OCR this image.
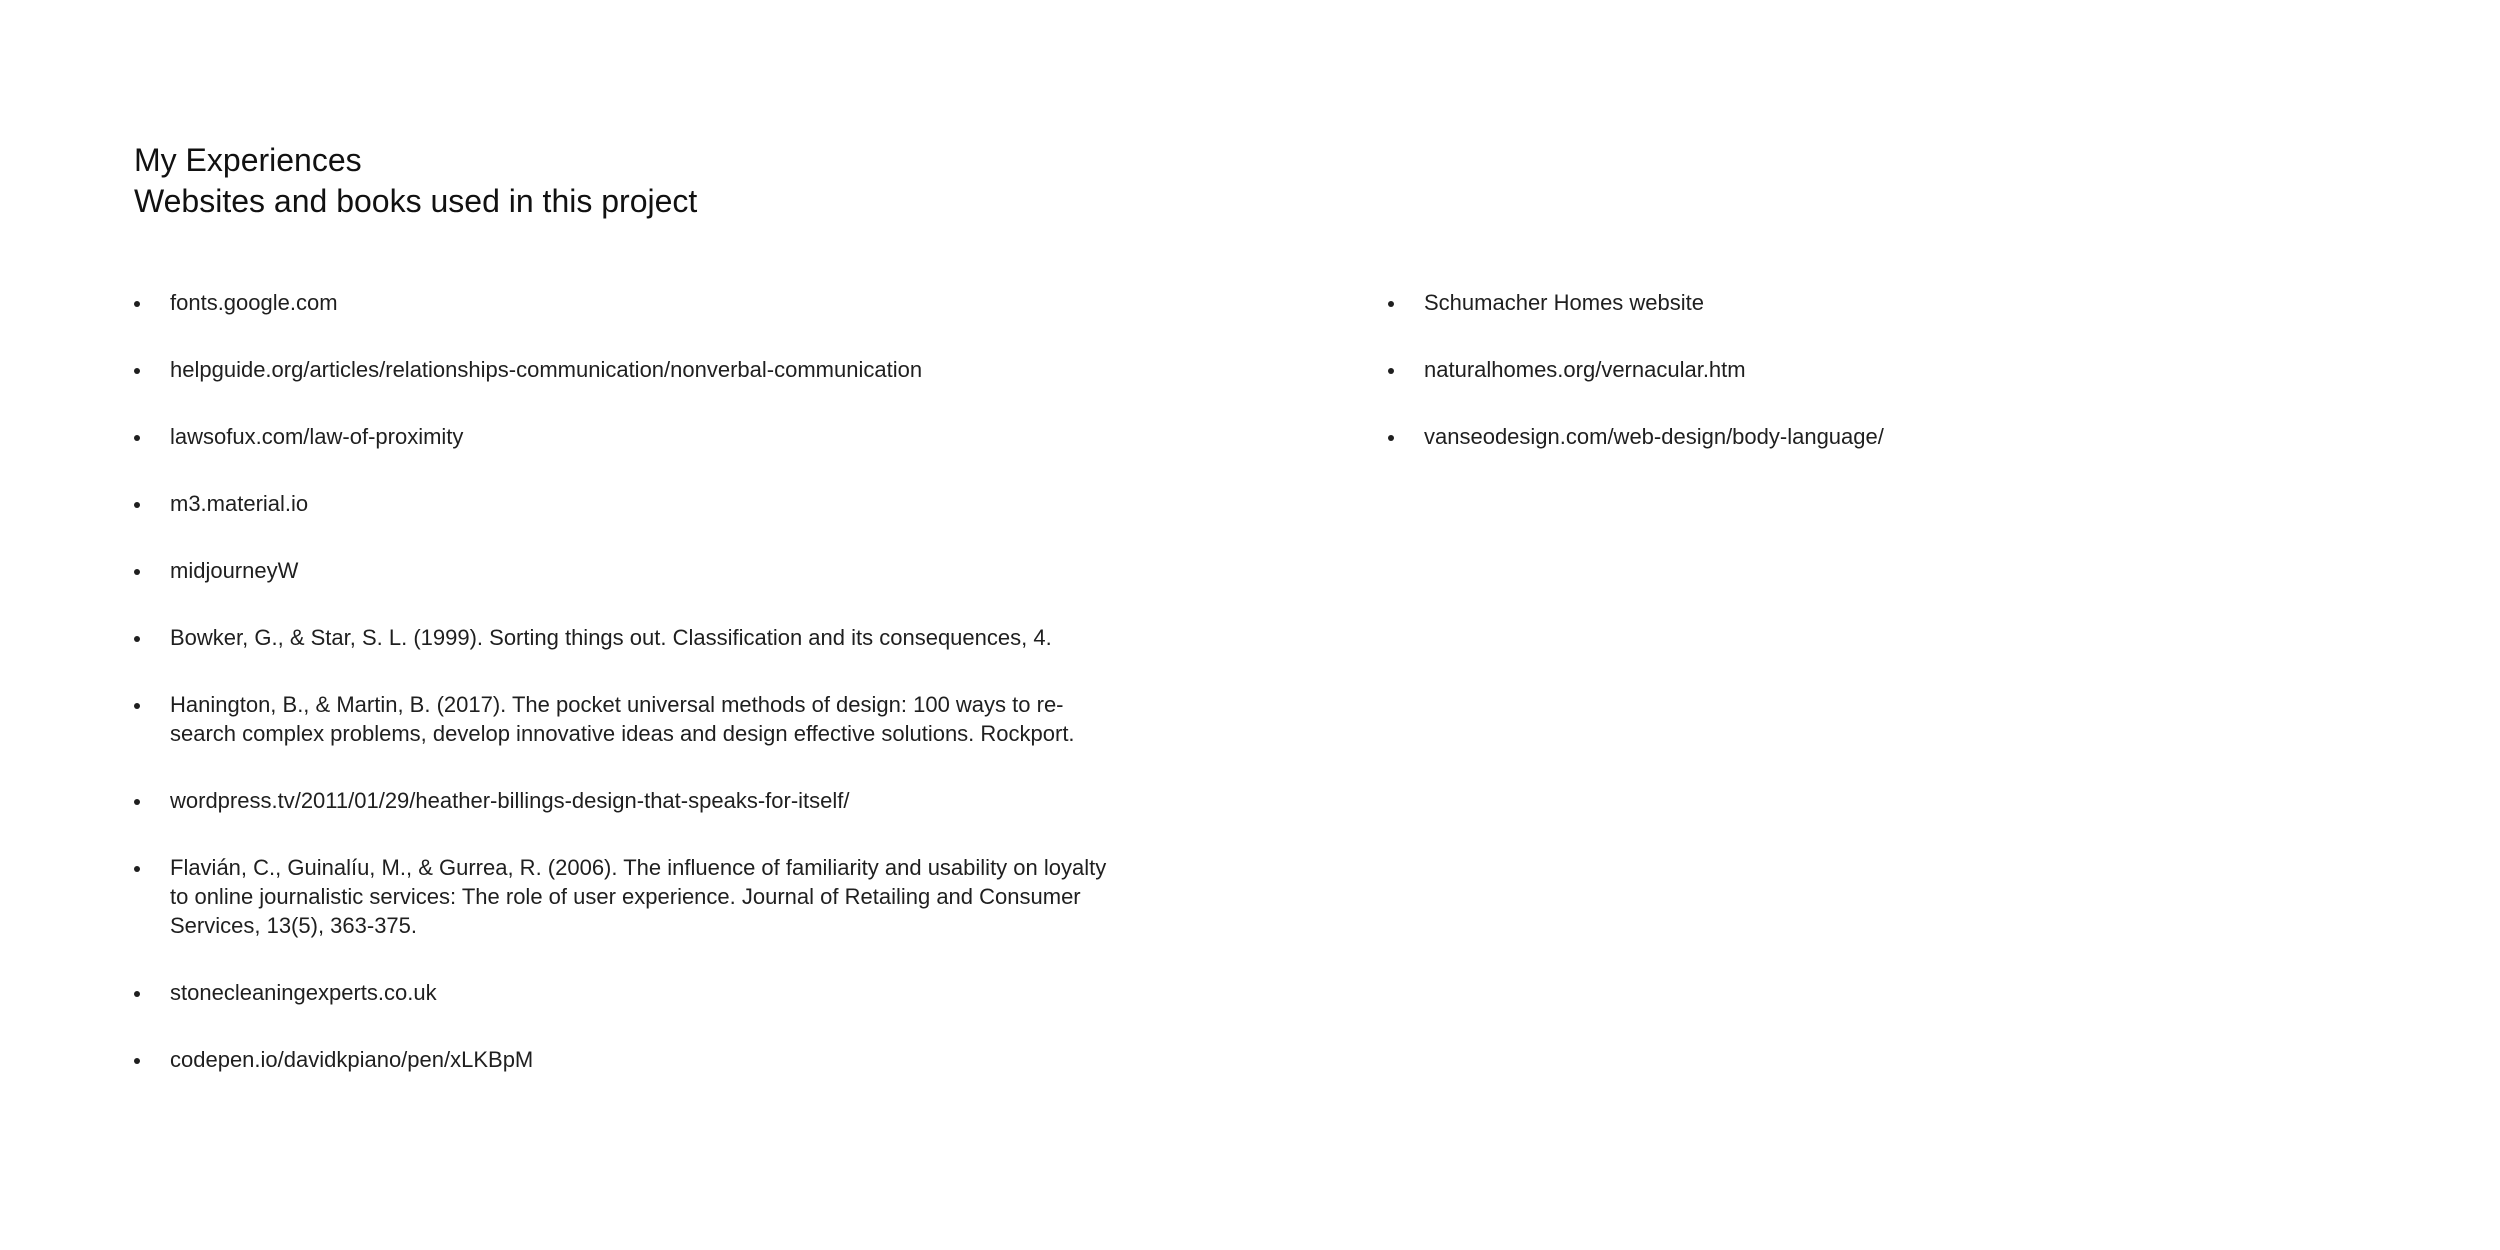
My Experiences
Websites and books used in this project
fonts.google.com
helpguide.org/articles/relationships-communication/nonverbal-communication
lawsofux.com/law-of-proximity
m3.material.io
midjourneyW
Bowker, G., & Star, S. L. (1999). Sorting things out. Classification and its consequences, 4.
Hanington, B., & Martin, B. (2017). The pocket universal methods of design: 100 ways to re-search complex problems, develop innovative ideas and design effective solutions. Rockport.
wordpress.tv/2011/01/29/heather-billings-design-that-speaks-for-itself/
Flavián, C., Guinalíu, M., & Gurrea, R. (2006). The influence of familiarity and usability on loyalty to online journalistic services: The role of user experience. Journal of Retailing and Consumer Services, 13(5), 363-375.
stonecleaningexperts.co.uk
codepen.io/davidkpiano/pen/xLKBpM
Schumacher Homes website
naturalhomes.org/vernacular.htm
vanseodesign.com/web-design/body-language/
